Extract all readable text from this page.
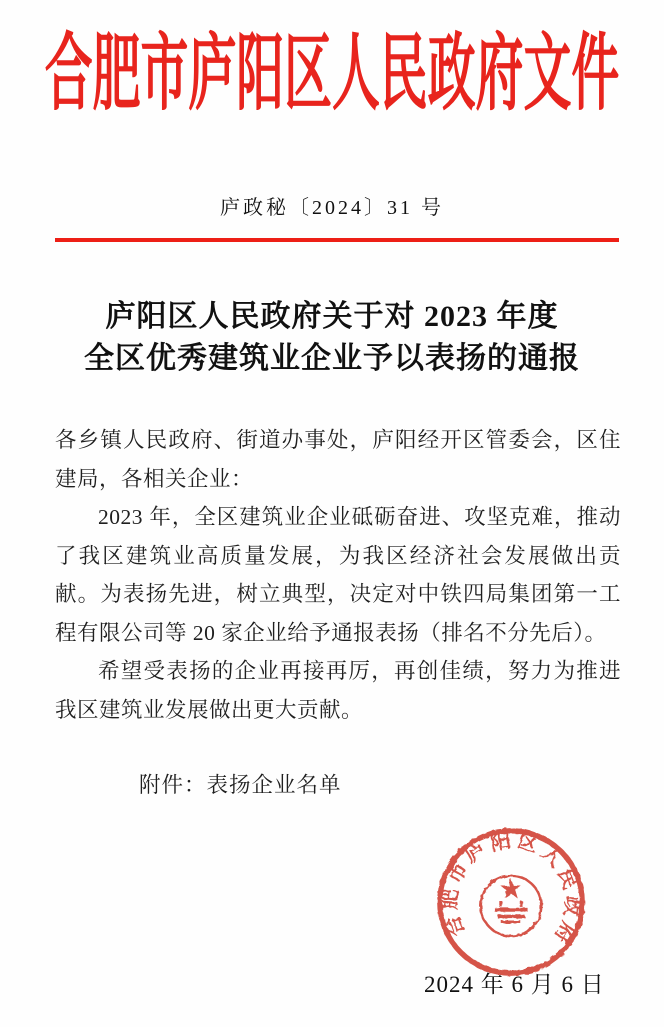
合肥市庐阳区人民政府文件
庐政秘〔2024〕31 号
庐阳区人民政府关于对 2023 年度
全区优秀建筑业企业予以表扬的通报

各乡镇人民政府、街道办事处，庐阳经开区管委会，区住建局，各相关企业：

2023 年，全区建筑业企业砥砺奋进、攻坚克难，推动了我区建筑业高质量发展，为我区经济社会发展做出贡献。为表扬先进，树立典型，决定对中铁四局集团第一工程有限公司等 20 家企业给予通报表扬（排名不分先后）。

希望受表扬的企业再接再厉，再创佳绩，努力为推进我区建筑业发展做出更大贡献。

附件：表扬企业名单
2024 年 6 月 6 日
合肥市庐阳区人民政府
